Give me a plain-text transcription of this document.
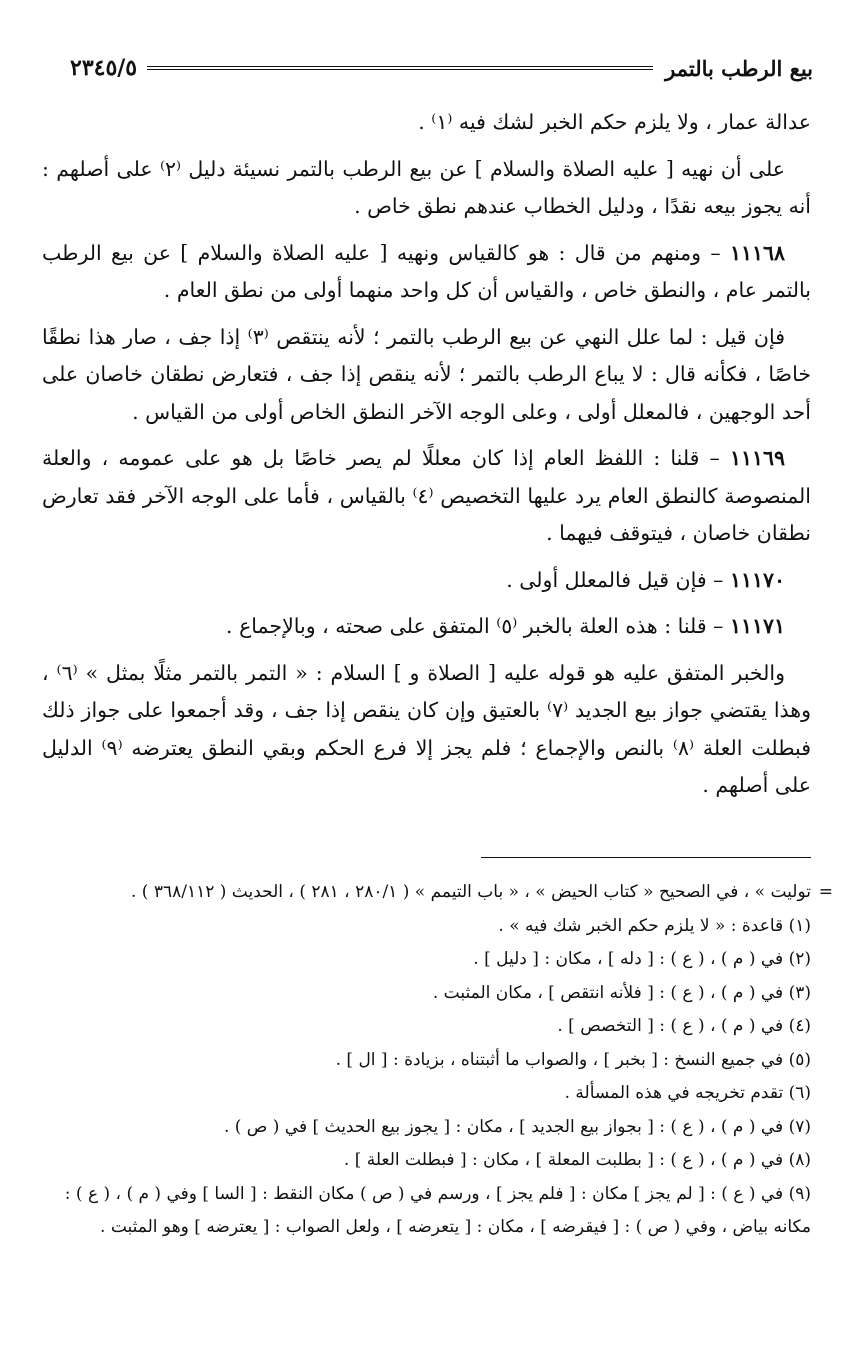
بيع الرطب بالتمر
٢٣٤٥/٥

عدالة عمار ، ولا يلزم حكم الخبر لشك فيه ⁽١⁾ .

على أن نهيه [ عليه الصلاة والسلام ] عن بيع الرطب بالتمر نسيئة دليل ⁽٢⁾ على أصلهم : أنه يجوز بيعه نقدًا ، ودليل الخطاب عندهم نطق خاص .

١١١٦٨ – ومنهم من قال : هو كالقياس ونهيه [ عليه الصلاة والسلام ] عن بيع الرطب بالتمر عام ، والنطق خاص ، والقياس أن كل واحد منهما أولى من نطق العام .

فإن قيل : لما علل النهي عن بيع الرطب بالتمر ؛ لأنه ينتقص ⁽٣⁾ إذا جف ، صار هذا نطقًا خاصًا ، فكأنه قال : لا يباع الرطب بالتمر ؛ لأنه ينقص إذا جف ، فتعارض نطقان خاصان على أحد الوجهين ، فالمعلل أولى ، وعلى الوجه الآخر النطق الخاص أولى من القياس .

١١١٦٩ – قلنا : اللفظ العام إذا كان معللًا لم يصر خاصًا بل هو على عمومه ، والعلة المنصوصة كالنطق العام يرد عليها التخصيص ⁽٤⁾ بالقياس ، فأما على الوجه الآخر فقد تعارض نطقان خاصان ، فيتوقف فيهما .

١١١٧٠ – فإن قيل فالمعلل أولى .

١١١٧١ – قلنا : هذه العلة بالخبر ⁽٥⁾ المتفق على صحته ، وبالإجماع .

والخبر المتفق عليه هو قوله عليه [ الصلاة و ] السلام : « التمر بالتمر مثلًا بمثل » ⁽٦⁾ ، وهذا يقتضي جواز بيع الجديد ⁽٧⁾ بالعتيق وإن كان ينقص إذا جف ، وقد أجمعوا على جواز ذلك فبطلت العلة ⁽٨⁾ بالنص والإجماع ؛ فلم يجز إلا فرع الحكم وبقي النطق يعترضه ⁽٩⁾ الدليل على أصلهم .

=
توليت » ، في الصحيح « كتاب الحيض » ، « باب التيمم » ( ٢٨٠/١ ، ٢٨١ ) ، الحديث ( ٣٦٨/١١٢ ) .

(١) قاعدة : « لا يلزم حكم الخبر شك فيه » .

(٢) في ( م ) ، ( ع ) : [ دله ] ، مكان : [ دليل ] .

(٣) في ( م ) ، ( ع ) : [ فلأنه انتقص ] ، مكان المثبت .

(٤) في ( م ) ، ( ع ) : [ التخصص ] .

(٥) في جميع النسخ : [ بخبر ] ، والصواب ما أثبتناه ، بزيادة : [ ال ] .

(٦) تقدم تخريجه في هذه المسألة .

(٧) في ( م ) ، ( ع ) : [ بجواز بيع الجديد ] ، مكان : [ يجوز بيع الحديث ] في ( ص ) .

(٨) في ( م ) ، ( ع ) : [ بطلبت المعلة ] ، مكان : [ فبطلت العلة ] .

(٩) في ( ع ) : [ لم يجز ] مكان : [ فلم يجز ] ، ورسم في ( ص ) مكان النقط : [ السا ] وفي ( م ) ، ( ع ) : مكانه بياض ، وفي ( ص ) : [ فيقرضه ] ، مكان : [ يتعرضه ] ، ولعل الصواب : [ يعترضه ] وهو المثبت .
